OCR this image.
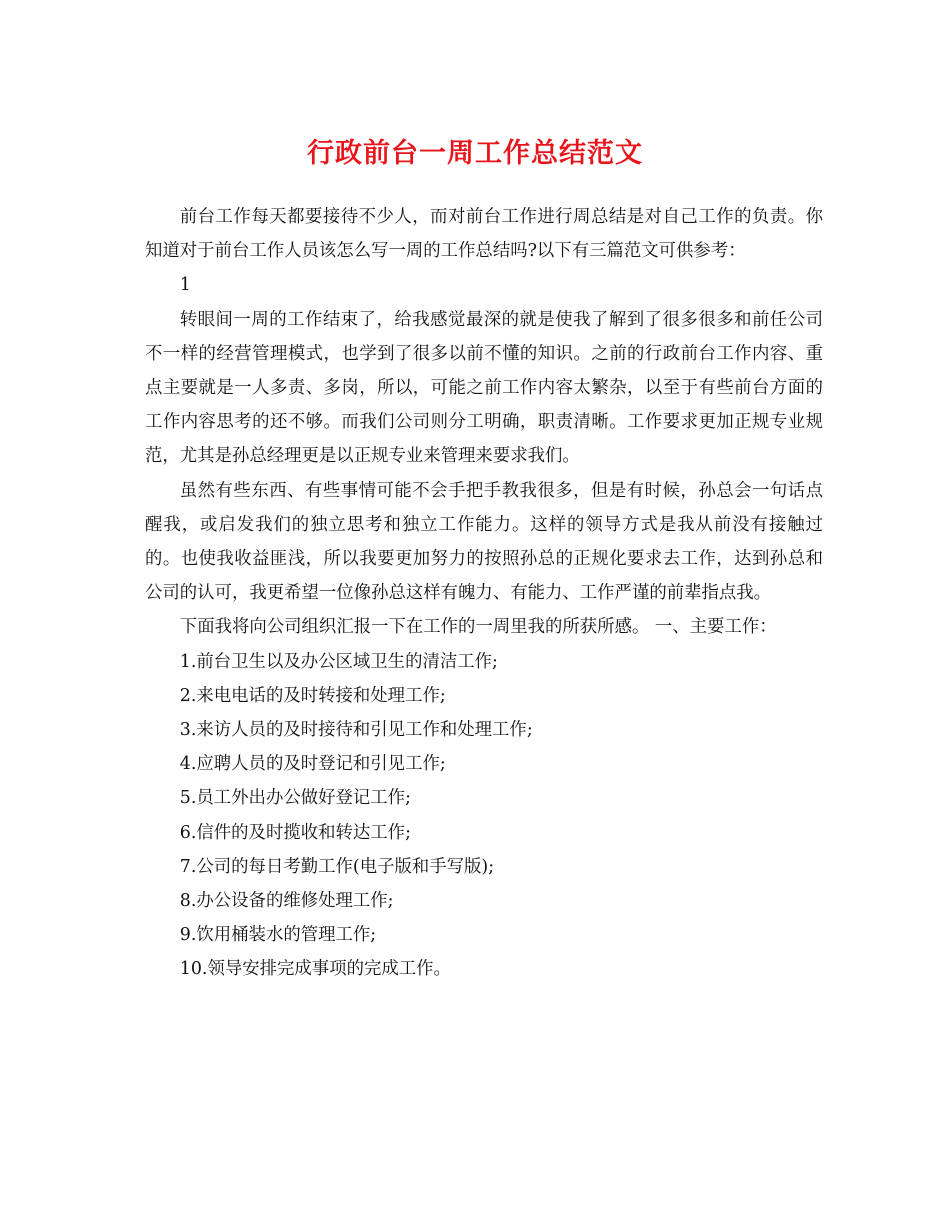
行政前台一周工作总结范文

前台工作每天都要接待不少人，而对前台工作进行周总结是对自己工作的负责。你知道对于前台工作人员该怎么写一周的工作总结吗?以下有三篇范文可供参考：

1

转眼间一周的工作结束了，给我感觉最深的就是使我了解到了很多很多和前任公司不一样的经营管理模式，也学到了很多以前不懂的知识。之前的行政前台工作内容、重点主要就是一人多责、多岗，所以，可能之前工作内容太繁杂，以至于有些前台方面的工作内容思考的还不够。而我们公司则分工明确，职责清晰。工作要求更加正规专业规范，尤其是孙总经理更是以正规专业来管理来要求我们。

虽然有些东西、有些事情可能不会手把手教我很多，但是有时候，孙总会一句话点醒我，或启发我们的独立思考和独立工作能力。这样的领导方式是我从前没有接触过的。也使我收益匪浅，所以我要更加努力的按照孙总的正规化要求去工作，达到孙总和公司的认可，我更希望一位像孙总这样有魄力、有能力、工作严谨的前辈指点我。

下面我将向公司组织汇报一下在工作的一周里我的所获所感。 一、主要工作：

1.前台卫生以及办公区域卫生的清洁工作;

2.来电电话的及时转接和处理工作;

3.来访人员的及时接待和引见工作和处理工作;

4.应聘人员的及时登记和引见工作;

5.员工外出办公做好登记工作;

6.信件的及时揽收和转达工作;

7.公司的每日考勤工作(电子版和手写版);

8.办公设备的维修处理工作;

9.饮用桶装水的管理工作;

10.领导安排完成事项的完成工作。
